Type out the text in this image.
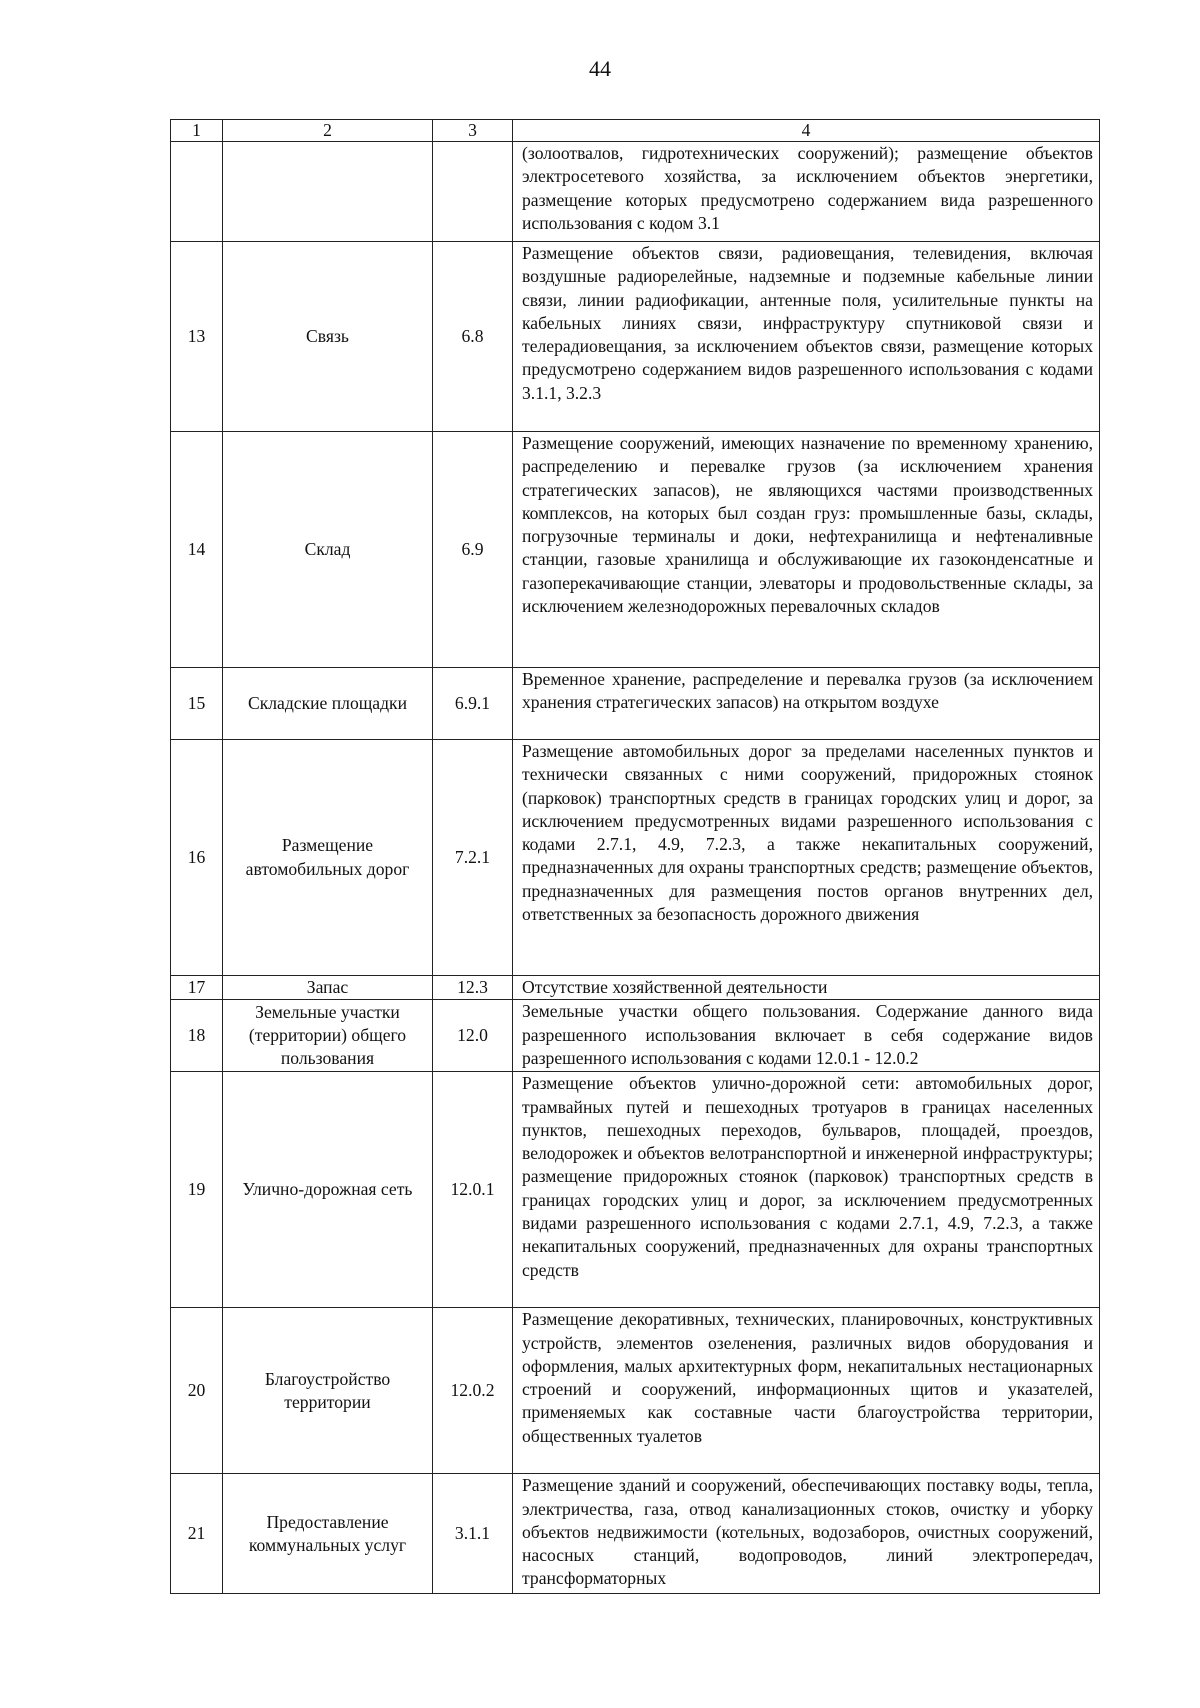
44
1	2	3	4
			(золоотвалов, гидротехнических сооружений); размещение объектов электросетевого хозяйства, за исключением объектов энергетики, размещение которых предусмотрено содержанием вида разрешенного использования с кодом 3.1
13	Связь	6.8	Размещение объектов связи, радиовещания, телевидения, включая воздушные радиорелейные, надземные и подземные кабельные линии связи, линии радиофикации, антенные поля, усилительные пункты на кабельных линиях связи, инфраструктуру спутниковой связи и телерадиовещания, за исключением объектов связи, размещение которых предусмотрено содержанием видов разрешенного использования с кодами 3.1.1, 3.2.3
14	Склад	6.9	Размещение сооружений, имеющих назначение по временному хранению, распределению и перевалке грузов (за исключением хранения стратегических запасов), не являющихся частями производственных комплексов, на которых был создан груз: промышленные базы, склады, погрузочные терминалы и доки, нефтехранилища и нефтеналивные станции, газовые хранилища и обслуживающие их газоконденсатные и газоперекачивающие станции, элеваторы и продовольственные склады, за исключением железнодорожных перевалочных складов
15	Складские площадки	6.9.1	Временное хранение, распределение и перевалка грузов (за исключением хранения стратегических запасов) на открытом воздухе
16	Размещение автомобильных дорог	7.2.1	Размещение автомобильных дорог за пределами населенных пунктов и технически связанных с ними сооружений, придорожных стоянок (парковок) транспортных средств в границах городских улиц и дорог, за исключением предусмотренных видами разрешенного использования с кодами 2.7.1, 4.9, 7.2.3, а также некапитальных сооружений, предназначенных для охраны транспортных средств; размещение объектов, предназначенных для размещения постов органов внутренних дел, ответственных за безопасность дорожного движения
17	Запас	12.3	Отсутствие хозяйственной деятельности
18	Земельные участки (территории) общего пользования	12.0	Земельные участки общего пользования. Содержание данного вида разрешенного использования включает в себя содержание видов разрешенного использования с кодами 12.0.1 - 12.0.2
19	Улично-дорожная сеть	12.0.1	Размещение объектов улично-дорожной сети: автомобильных дорог, трамвайных путей и пешеходных тротуаров в границах населенных пунктов, пешеходных переходов, бульваров, площадей, проездов, велодорожек и объектов велотранспортной и инженерной инфраструктуры; размещение придорожных стоянок (парковок) транспортных средств в границах городских улиц и дорог, за исключением предусмотренных видами разрешенного использования с кодами 2.7.1, 4.9, 7.2.3, а также некапитальных сооружений, предназначенных для охраны транспортных средств
20	Благоустройство территории	12.0.2	Размещение декоративных, технических, планировочных, конструктивных устройств, элементов озеленения, различных видов оборудования и оформления, малых архитектурных форм, некапитальных нестационарных строений и сооружений, информационных щитов и указателей, применяемых как составные части благоустройства территории, общественных туалетов
21	Предоставление коммунальных услуг	3.1.1	Размещение зданий и сооружений, обеспечивающих поставку воды, тепла, электричества, газа, отвод канализационных стоков, очистку и уборку объектов недвижимости (котельных, водозаборов, очистных сооружений, насосных станций, водопроводов, линий электропередач, трансформаторных
